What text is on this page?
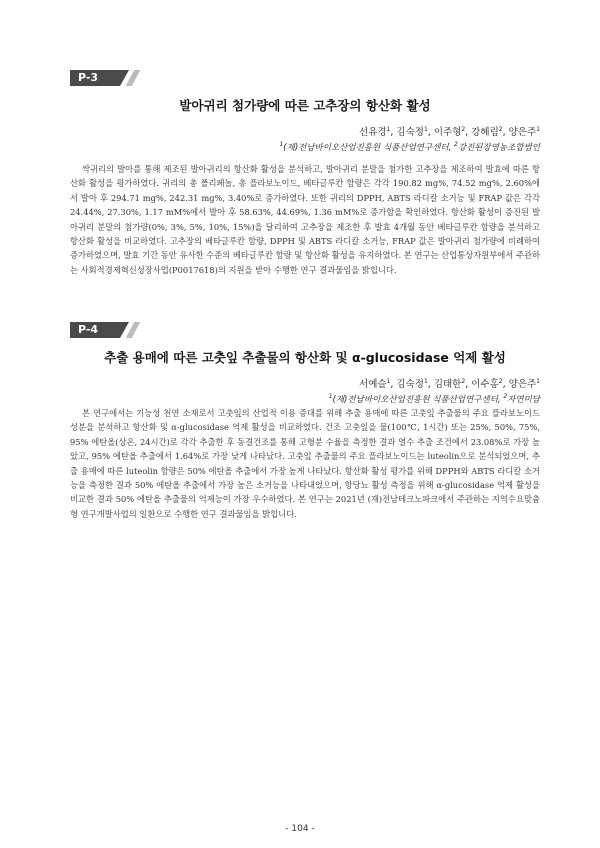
P-3
발아귀리 첨가량에 따른 고추장의 항산화 활성
선유경$^1$, 김숙정$^1$, 이주형$^2$, 강혜림$^2$, 양은주$^1$
$^1$(재)전남바이오산업진흥원 식품산업연구센터, $^2$강진된장영농조합법인
싹귀리의 발아를 통해 제조된 발아귀리의 항산화 활성을 분석하고, 발아귀리 분말을 첨가한 고추장을 제조하여 발효에 따른 항산화 활성을 평가하였다. 귀리의 총 폴리페놀, 총 플라보노이드, 베타글루칸 함량은 각각 190.82 mg%, 74.52 mg%, 2.60%에서 발아 후 294.71 mg%, 242.31 mg%, 3.40%로 증가하였다. 또한 귀리의 DPPH, ABTS 라디칼 소거능 및 FRAP 값은 각각 24.44%, 27.30%, 1.17 mM%에서 발아 후 58.63%, 44.69%, 1.36 mM%로 증가함을 확인하였다. 항산화 활성이 증진된 발아귀리 분말의 첨가량(0%, 3%, 5%, 10%, 15%)을 달리하여 고추장을 제조한 후 발효 4개월 동안 베타글루칸 함량을 분석하고 항산화 활성을 비교하였다. 고추장의 베타글루칸 함량, DPPH 및 ABTS 라디칼 소거능, FRAP 값은 발아귀리 첨가량에 비례하여 증가하였으며, 발효 기간 동안 유사한 수준의 베타글루칸 함량 및 항산화 활성을 유지하였다. 본 연구는 산업통상자원부에서 주관하는 사회적경제혁신성장사업(P0017618)의 지원을 받아 수행한 연구 결과물임을 밝힙니다.
P-4
추출 용매에 따른 고춧잎 추출물의 항산화 및 α-glucosidase 억제 활성
서예슬$^1$, 김숙정$^1$, 김태한$^2$, 이수홍$^2$, 양은주$^1$
$^1$(재)전남바이오산업진흥원 식품산업연구센터, $^2$자연미담
본 연구에서는 기능성 천연 소재로서 고춧잎의 산업적 이용 증대를 위해 추출 용매에 따른 고춧잎 추출물의 주요 플라보노이드 성분을 분석하고 항산화 및 α-glucosidase 억제 활성을 비교하였다. 건조 고춧잎을 물(100℃, 1시간) 또는 25%, 50%, 75%, 95% 에탄올(상온, 24시간)로 각각 추출한 후 동결건조를 통해 고형분 수율을 측정한 결과 열수 추출 조건에서 23.08%로 가장 높았고, 95% 에탄올 추출에서 1.64%로 가장 낮게 나타났다. 고춧잎 추출물의 주요 플라보노이드는 luteolin으로 분석되었으며, 추출 용매에 따른 luteolin 함량은 50% 에탄올 추출에서 가장 높게 나타났다. 항산화 활성 평가를 위해 DPPH와 ABTS 라디칼 소거능을 측정한 결과 50% 에탄올 추출에서 가장 높은 소거능을 나타내었으며, 항당뇨 활성 측정을 위해 α-glucosidase 억제 활성을 비교한 결과 50% 에탄올 추출물의 억제능이 가장 우수하였다. 본 연구는 2021년 (재)전남테크노파크에서 주관하는 지역수요맞춤형 연구개발사업의 일환으로 수행한 연구 결과물임을 밝힙니다.
- 104 -
